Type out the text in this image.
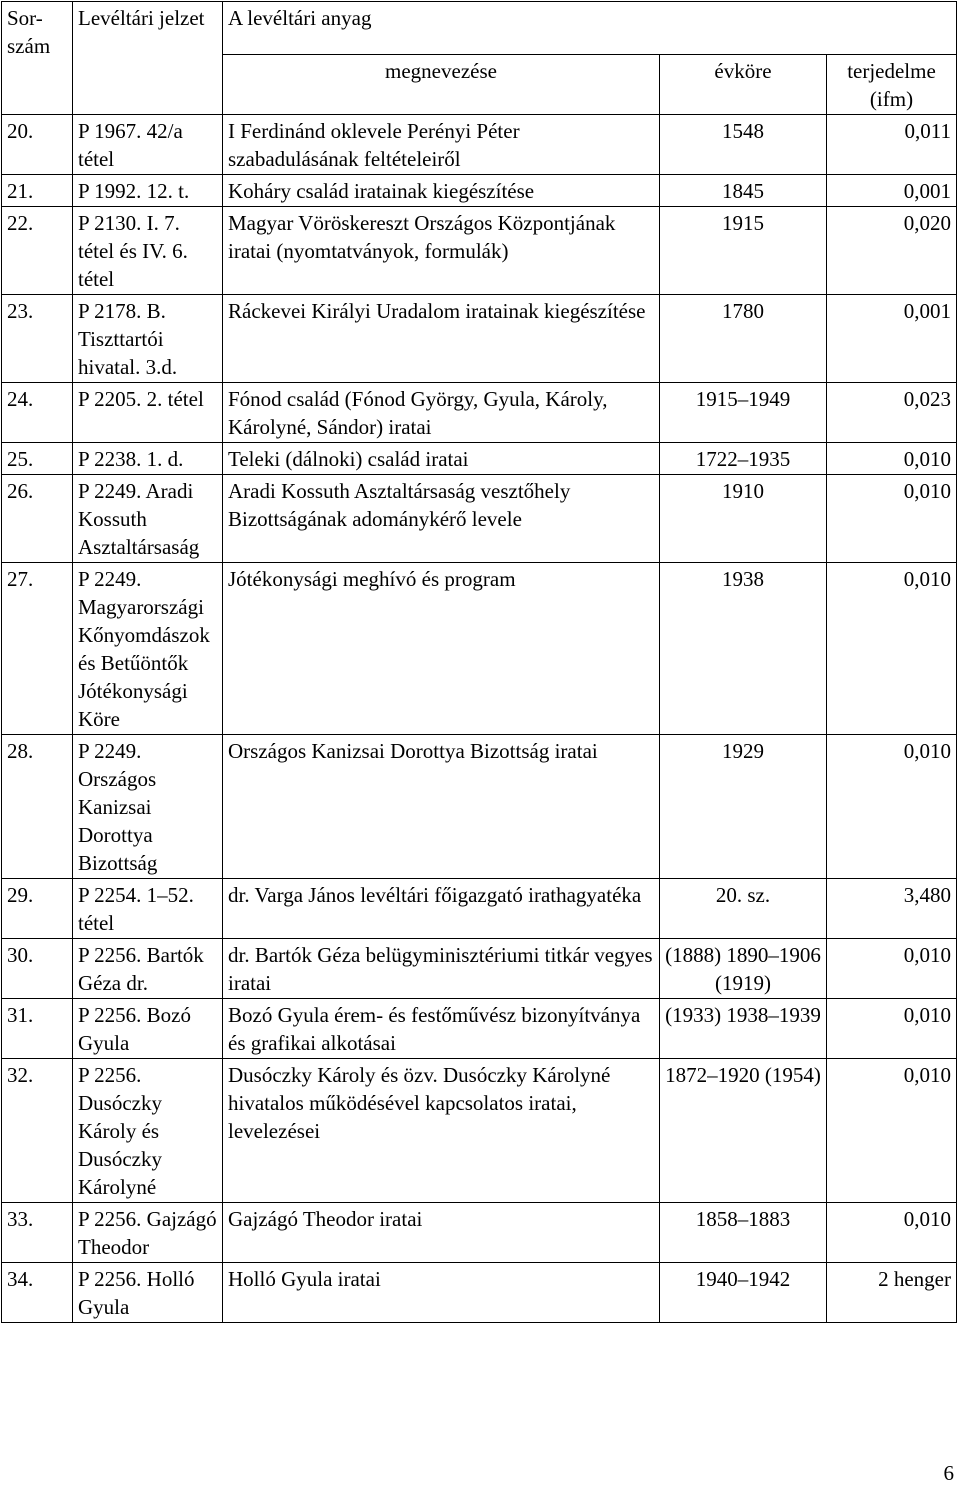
Sor-szám	Levéltári jelzet	A levéltári anyag		
		megnevezése	évköre	terjedelme (ifm)
20.	P 1967. 42/a tétel	I Ferdinánd oklevele Perényi Péter szabadulásának feltételeiről	1548	0,011
21.	P 1992. 12. t.	Koháry család iratainak kiegészítése	1845	0,001
22.	P 2130. I. 7. tétel és IV. 6. tétel	Magyar Vöröskereszt Országos Központjának iratai (nyomtatványok, formulák)	1915	0,020
23.	P 2178. B. Tiszttartói hivatal. 3.d.	Ráckevei Királyi Uradalom iratainak kiegészítése	1780	0,001
24.	P 2205. 2. tétel	Fónod család (Fónod György, Gyula, Károly, Károlyné, Sándor) iratai	1915–1949	0,023
25.	P 2238. 1. d.	Teleki (dálnoki) család iratai	1722–1935	0,010
26.	P 2249. Aradi Kossuth Asztaltársaság	Aradi Kossuth Asztaltársaság vesztőhely Bizottságának adománykérő levele	1910	0,010
27.	P 2249. Magyarországi Kőnyomdászok és Betűöntők Jótékonysági Köre	Jótékonysági meghívó és program	1938	0,010
28.	P 2249. Országos Kanizsai Dorottya Bizottság	Országos Kanizsai Dorottya Bizottság iratai	1929	0,010
29.	P 2254. 1–52. tétel	dr. Varga János levéltári főigazgató irathagyatéka	20. sz.	3,480
30.	P 2256. Bartók Géza dr.	dr. Bartók Géza belügyminisztériumi titkár vegyes iratai	(1888) 1890–1906 (1919)	0,010
31.	P 2256. Bozó Gyula	Bozó Gyula érem- és festőművész bizonyítványa és grafikai alkotásai	(1933) 1938–1939	0,010
32.	P 2256. Dusóczky Károly és Dusóczky Károlyné	Dusóczky Károly és özv. Dusóczky Károlyné hivatalos működésével kapcsolatos iratai, levelezései	1872–1920 (1954)	0,010
33.	P 2256. Gajzágó Theodor	Gajzágó Theodor iratai	1858–1883	0,010
34.	P 2256. Holló Gyula	Holló Gyula iratai	1940–1942	2 henger
6
